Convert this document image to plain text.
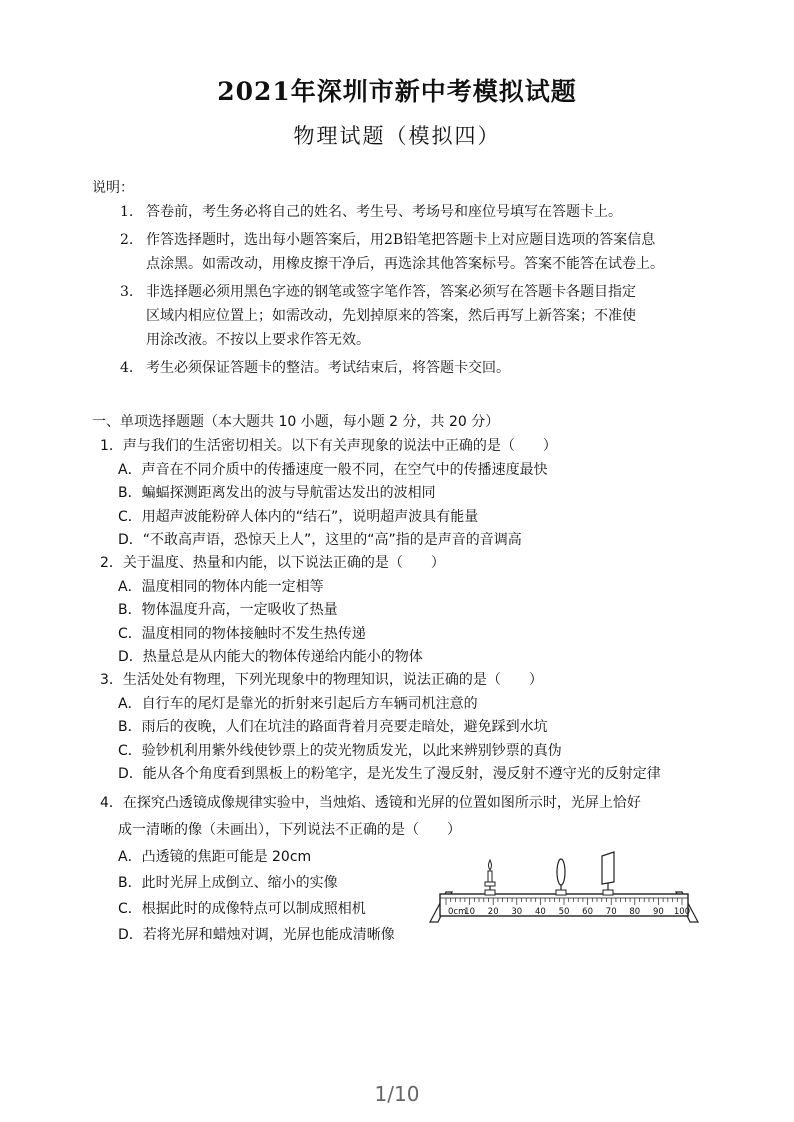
2021年深圳市新中考模拟试题
物理试题（模拟四）
说明：
1. 答卷前，考生务必将自己的姓名、考生号、考场号和座位号填写在答题卡上。
2. 作答选择题时，选出每小题答案后，用2B铅笔把答题卡上对应题目选项的答案信息
点涂黑。如需改动，用橡皮擦干净后，再选涂其他答案标号。答案不能答在试卷上。
3. 非选择题必须用黑色字迹的钢笔或签字笔作答，答案必须写在答题卡各题目指定
区域内相应位置上；如需改动，先划掉原来的答案，然后再写上新答案；不准使
用涂改液。不按以上要求作答无效。
4. 考生必须保证答题卡的整洁。考试结束后，将答题卡交回。
一、单项选择题题（本大题共 10 小题，每小题 2 分，共 20 分）
1．声与我们的生活密切相关。以下有关声现象的说法中正确的是（　　）
A．声音在不同介质中的传播速度一般不同，在空气中的传播速度最快
B．蝙蝠探测距离发出的波与导航雷达发出的波相同
C．用超声波能粉碎人体内的“结石”，说明超声波具有能量
D．“不敢高声语，恐惊天上人”，这里的“高”指的是声音的音调高
2．关于温度、热量和内能，以下说法正确的是（　　）
A．温度相同的物体内能一定相等
B．物体温度升高，一定吸收了热量
C．温度相同的物体接触时不发生热传递
D．热量总是从内能大的物体传递给内能小的物体
3．生活处处有物理，下列光现象中的物理知识，说法正确的是（　　）
A．自行车的尾灯是靠光的折射来引起后方车辆司机注意的
B．雨后的夜晚，人们在坑洼的路面背着月亮要走暗处，避免踩到水坑
C．验钞机利用紫外线使钞票上的荧光物质发光，以此来辨别钞票的真伪
D．能从各个角度看到黑板上的粉笔字，是光发生了漫反射，漫反射不遵守光的反射定律
4．在探究凸透镜成像规律实验中，当烛焰、透镜和光屏的位置如图所示时，光屏上恰好
成一清晰的像（未画出），下列说法不正确的是（　　）
A．凸透镜的焦距可能是 20cm
B．此时光屏上成倒立、缩小的实像
C．根据此时的成像特点可以制成照相机
D．若将光屏和蜡烛对调，光屏也能成清晰像
0cm
10 20 30 40 50 60 70 80 90 100
1/10
